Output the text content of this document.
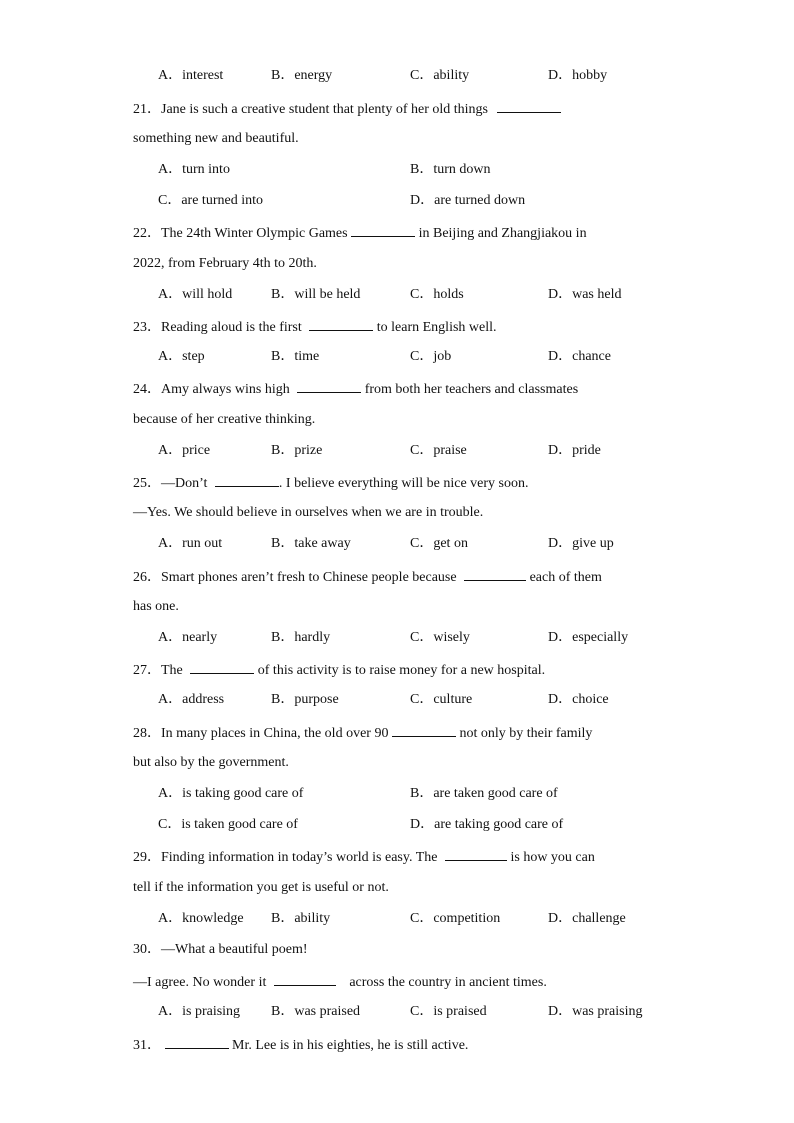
A．interest	B．energy	C．ability	D．hobby
21．Jane is such a creative student that plenty of her old things
something new and beautiful.
A．turn into	B．turn down
C．are turned into	D．are turned down
22．The 24th Winter Olympic Games	in Beijing and Zhangjiakou in
2022, from February 4th to 20th.
A．will hold	B．will be held	C．holds	D．was held
23．Reading aloud is the first	to learn English well.
A．step	B．time	C．job	D．chance
24．Amy always wins high	from both her teachers and classmates
because of her creative thinking.
A．price	B．prize	C．praise	D．pride
25．—Don’t	. I believe everything will be nice very soon.
—Yes. We should believe in ourselves when we are in trouble.
A．run out	B．take away	C．get on	D．give up
26．Smart phones aren’t fresh to Chinese people because	each of them
has one.
A．nearly	B．hardly	C．wisely	D．especially
27．The	of this activity is to raise money for a new hospital.
A．address	B．purpose	C．culture	D．choice
28．In many places in China, the old over 90	not only by their family
but also by the government.
A．is taking good care of	B．are taken good care of
C．is taken good care of	D．are taking good care of
29．Finding information in today’s world is easy. The	is how you can
tell if the information you get is useful or not.
A．knowledge B．ability	C．competition	D．challenge
30．—What a beautiful poem!
—I agree. No wonder it	across the country in ancient times.
A．is praising B．was praised	C．is praised	D．was praising
31．	Mr. Lee is in his eighties, he is still active.
